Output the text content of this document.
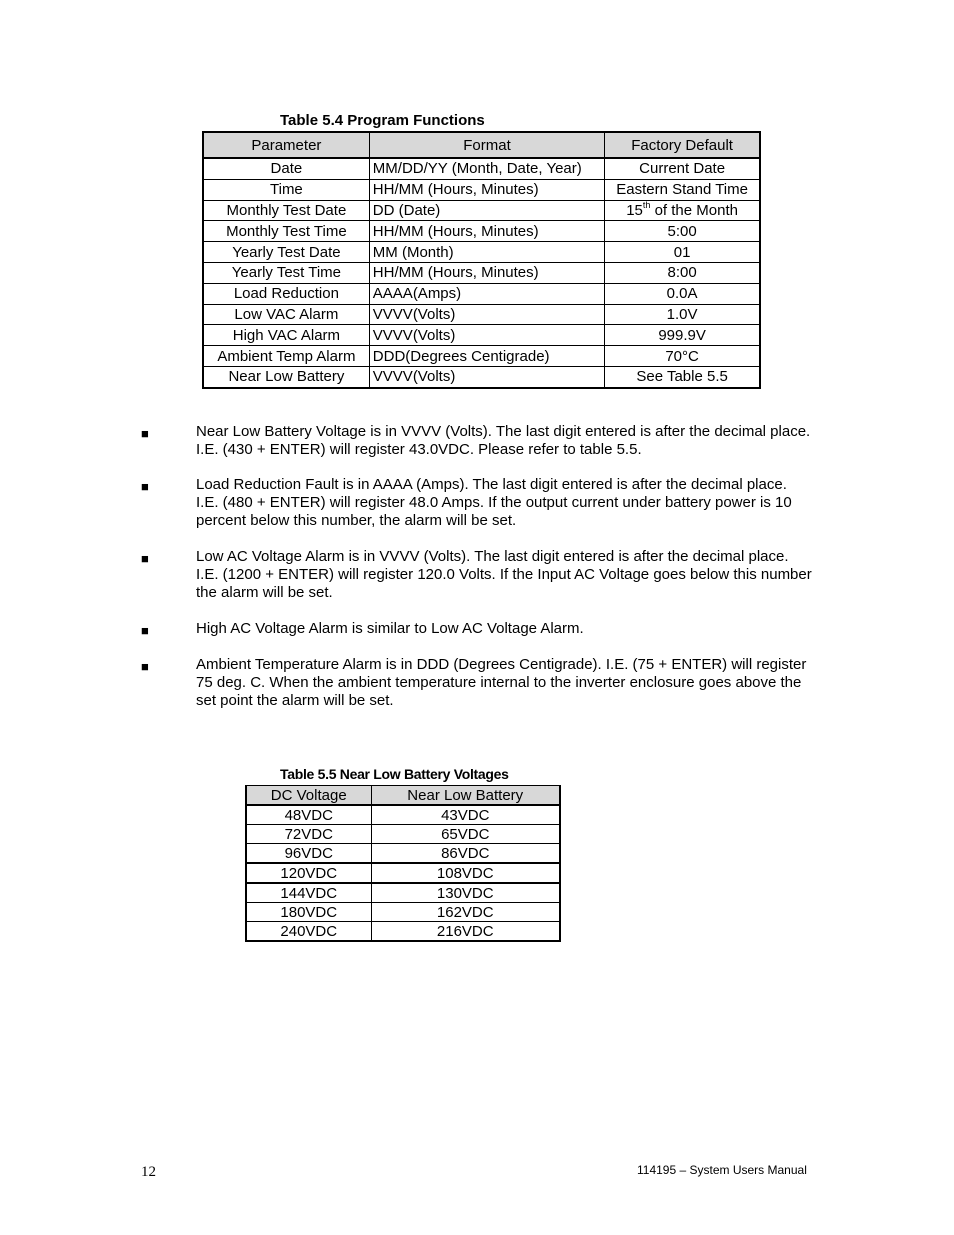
Table 5.4 Program Functions
Parameter	Format	Factory Default
Date	MM/DD/YY (Month, Date, Year)	Current Date
Time	HH/MM (Hours, Minutes)	Eastern Stand Time
Monthly Test Date	DD (Date)	15th of the Month
Monthly Test Time	HH/MM (Hours, Minutes)	5:00
Yearly Test Date	MM (Month)	01
Yearly Test Time	HH/MM (Hours, Minutes)	8:00
Load Reduction	AAAA(Amps)	0.0A
Low VAC Alarm	VVVV(Volts)	1.0V
High VAC Alarm	VVVV(Volts)	999.9V
Ambient Temp Alarm	DDD(Degrees Centigrade)	70°C
Near Low Battery	VVVV(Volts)	See Table 5.5
■	Near Low Battery Voltage is in VVVV (Volts). The last digit entered is after the decimal place.
I.E. (430 + ENTER) will register 43.0VDC. Please refer to table 5.5.
■	Load Reduction Fault is in AAAA (Amps). The last digit entered is after the decimal place.
I.E. (480 + ENTER) will register 48.0 Amps. If the output current under battery power is 10
percent below this number, the alarm will be set.
■	Low AC Voltage Alarm is in VVVV (Volts). The last digit entered is after the decimal place.
I.E. (1200 + ENTER) will register 120.0 Volts. If the Input AC Voltage goes below this number
the alarm will be set.
■	High AC Voltage Alarm is similar to Low AC Voltage Alarm.
■	Ambient Temperature Alarm is in DDD (Degrees Centigrade). I.E. (75 + ENTER) will register
75 deg. C. When the ambient temperature internal to the inverter enclosure goes above the
set point the alarm will be set.
Table 5.5 Near Low Battery Voltages
DC Voltage	Near Low Battery
48VDC	43VDC
72VDC	65VDC
96VDC	86VDC
120VDC	108VDC
144VDC	130VDC
180VDC	162VDC
240VDC	216VDC
12	114195 – System Users Manual
